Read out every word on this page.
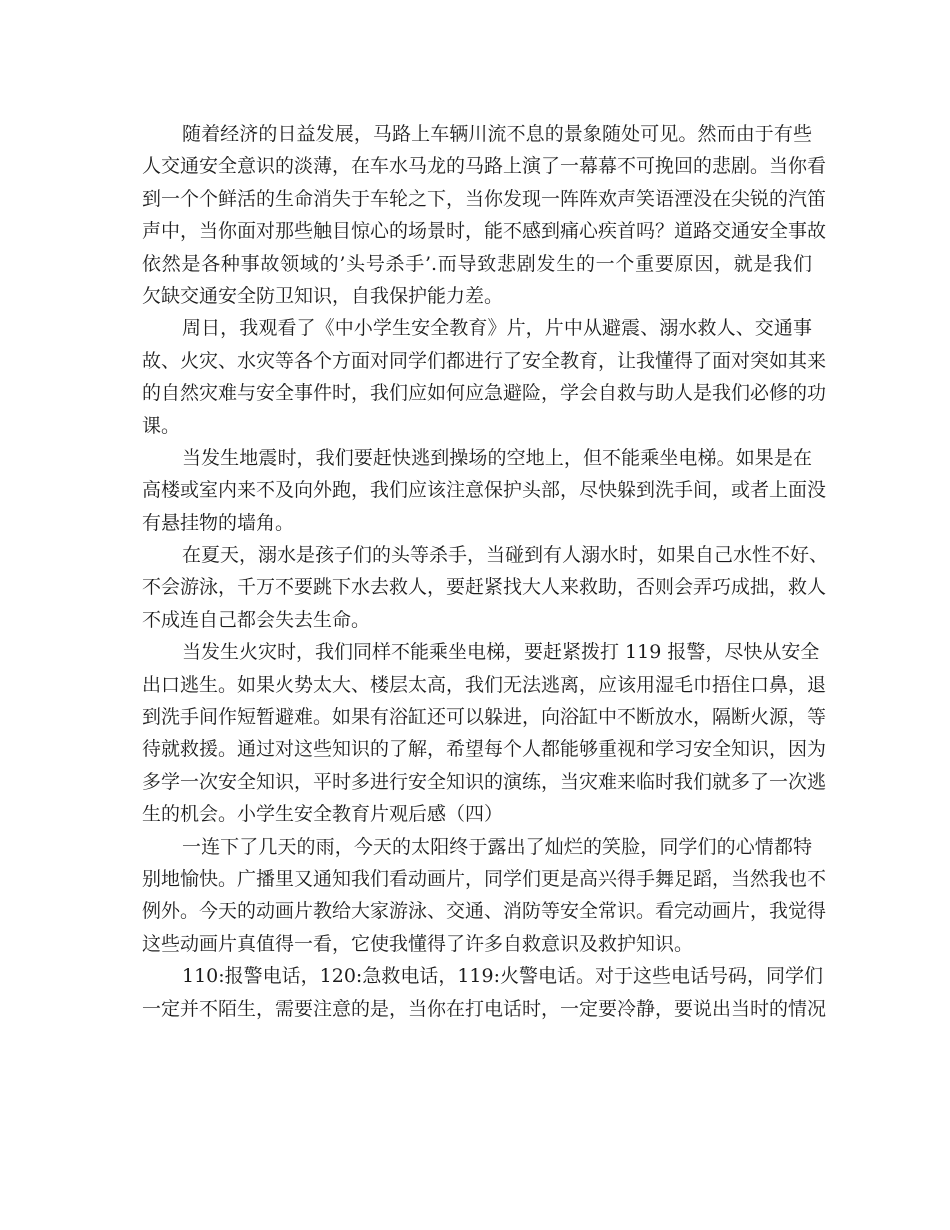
随着经济的日益发展，马路上车辆川流不息的景象随处可见。然而由于有些
人交通安全意识的淡薄，在车水马龙的马路上演了一幕幕不可挽回的悲剧。当你看
到一个个鲜活的生命消失于车轮之下，当你发现一阵阵欢声笑语湮没在尖锐的汽笛
声中，当你面对那些触目惊心的场景时，能不感到痛心疾首吗？道路交通安全事故
依然是各种事故领域的’头号杀手’.而导致悲剧发生的一个重要原因，就是我们
欠缺交通安全防卫知识，自我保护能力差。
周日，我观看了《中小学生安全教育》片，片中从避震、溺水救人、交通事
故、火灾、水灾等各个方面对同学们都进行了安全教育，让我懂得了面对突如其来
的自然灾难与安全事件时，我们应如何应急避险，学会自救与助人是我们必修的功
课。
当发生地震时，我们要赶快逃到操场的空地上，但不能乘坐电梯。如果是在
高楼或室内来不及向外跑，我们应该注意保护头部，尽快躲到洗手间，或者上面没
有悬挂物的墙角。
在夏天，溺水是孩子们的头等杀手，当碰到有人溺水时，如果自己水性不好、
不会游泳，千万不要跳下水去救人，要赶紧找大人来救助，否则会弄巧成拙，救人
不成连自己都会失去生命。
当发生火灾时，我们同样不能乘坐电梯，要赶紧拨打 119 报警，尽快从安全
出口逃生。如果火势太大、楼层太高，我们无法逃离，应该用湿毛巾捂住口鼻，退
到洗手间作短暂避难。如果有浴缸还可以躲进，向浴缸中不断放水，隔断火源，等
待就救援。通过对这些知识的了解，希望每个人都能够重视和学习安全知识，因为
多学一次安全知识，平时多进行安全知识的演练，当灾难来临时我们就多了一次逃
生的机会。小学生安全教育片观后感（四）
一连下了几天的雨，今天的太阳终于露出了灿烂的笑脸，同学们的心情都特
别地愉快。广播里又通知我们看动画片，同学们更是高兴得手舞足蹈，当然我也不
例外。今天的动画片教给大家游泳、交通、消防等安全常识。看完动画片，我觉得
这些动画片真值得一看，它使我懂得了许多自救意识及救护知识。
110:报警电话，120:急救电话，119:火警电话。对于这些电话号码，同学们
一定并不陌生，需要注意的是，当你在打电话时，一定要冷静，要说出当时的情况
